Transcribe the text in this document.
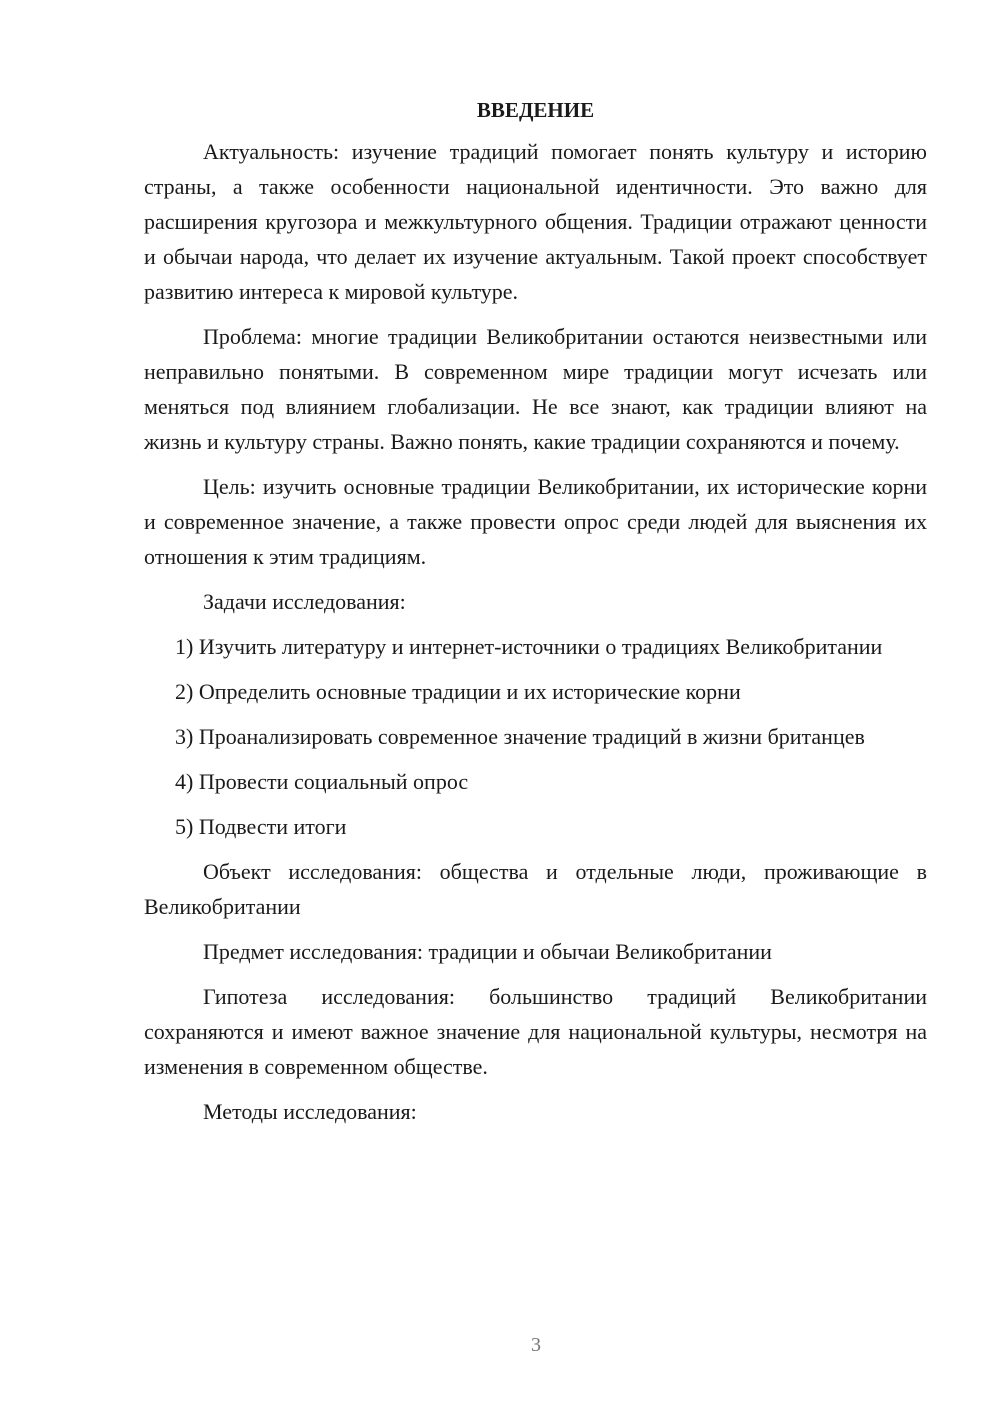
ВВЕДЕНИЕ

Актуальность: изучение традиций помогает понять культуру и историю страны, а также особенности национальной идентичности. Это важно для расширения кругозора и межкультурного общения. Традиции отражают ценности и обычаи народа, что делает их изучение актуальным. Такой проект способствует развитию интереса к мировой культуре.

Проблема: многие традиции Великобритании остаются неизвестными или неправильно понятыми. В современном мире традиции могут исчезать или меняться под влиянием глобализации. Не все знают, как традиции влияют на жизнь и культуру страны. Важно понять, какие традиции сохраняются и почему.

Цель: изучить основные традиции Великобритании, их исторические корни и современное значение, а также провести опрос среди людей для выяснения их отношения к этим традициям.

Задачи исследования:

1) Изучить литературу и интернет-источники о традициях Великобритании

2) Определить основные традиции и их исторические корни

3) Проанализировать современное значение традиций в жизни британцев

4) Провести социальный опрос

5) Подвести итоги

Объект исследования: общества и отдельные люди, проживающие в Великобритании

Предмет исследования: традиции и обычаи Великобритании

Гипотеза исследования: большинство традиций Великобритании сохраняются и имеют важное значение для национальной культуры, несмотря на изменения в современном обществе.

Методы исследования:

3
